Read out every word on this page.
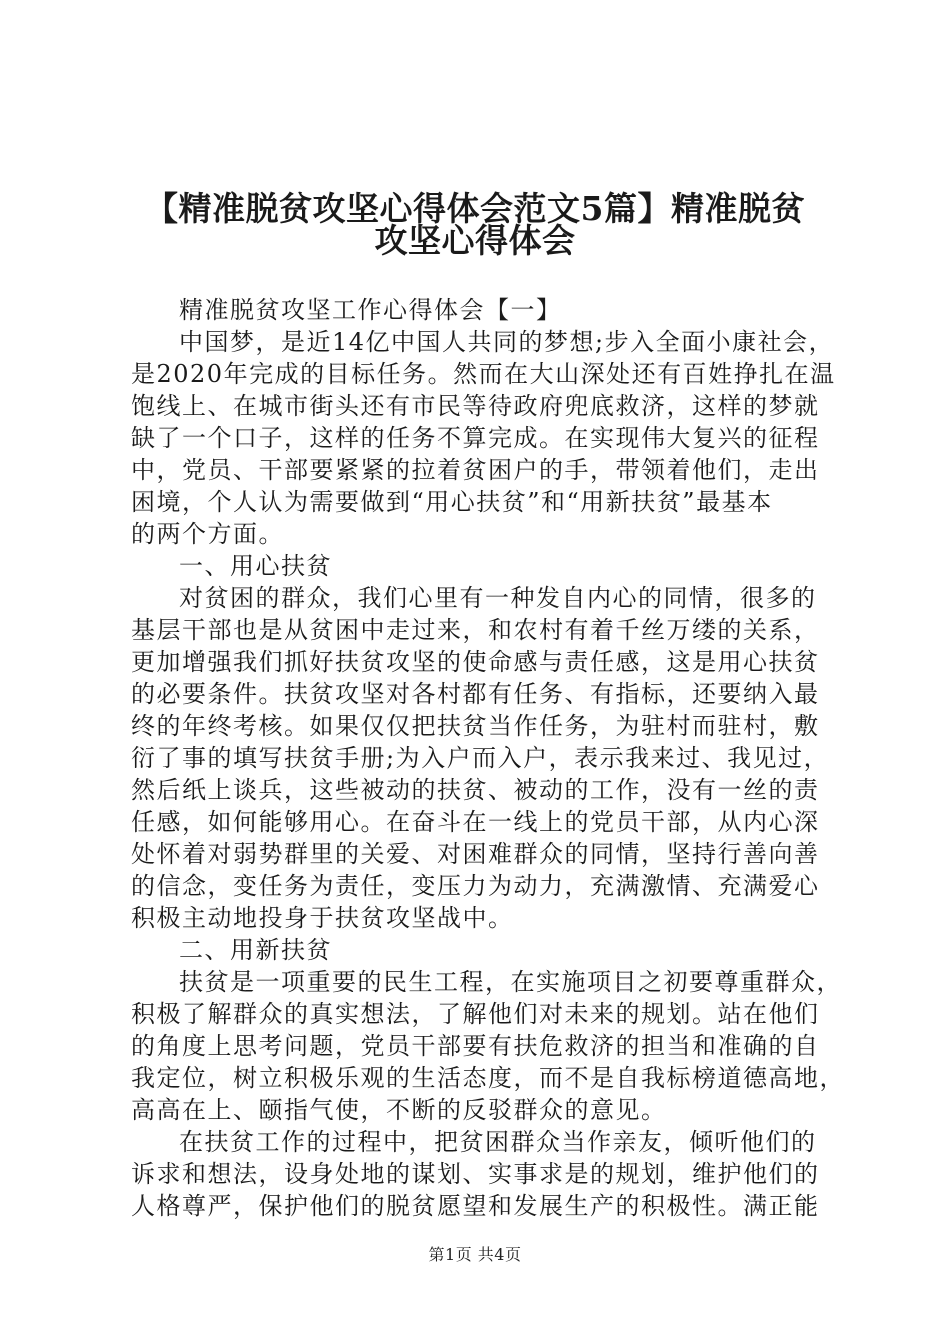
【精准脱贫攻坚心得体会范文5篇】精准脱贫
攻坚心得体会
精准脱贫攻坚工作心得体会【一】
中国梦，是近14亿中国人共同的梦想;步入全面小康社会，
是2020年完成的目标任务。然而在大山深处还有百姓挣扎在温
饱线上、在城市街头还有市民等待政府兜底救济，这样的梦就
缺了一个口子，这样的任务不算完成。在实现伟大复兴的征程
中，党员、干部要紧紧的拉着贫困户的手，带领着他们，走出
困境，个人认为需要做到“用心扶贫”和“用新扶贫”最基本
的两个方面。
一、用心扶贫
对贫困的群众，我们心里有一种发自内心的同情，很多的
基层干部也是从贫困中走过来，和农村有着千丝万缕的关系，
更加增强我们抓好扶贫攻坚的使命感与责任感，这是用心扶贫
的必要条件。扶贫攻坚对各村都有任务、有指标，还要纳入最
终的年终考核。如果仅仅把扶贫当作任务，为驻村而驻村，敷
衍了事的填写扶贫手册;为入户而入户，表示我来过、我见过，
然后纸上谈兵，这些被动的扶贫、被动的工作，没有一丝的责
任感，如何能够用心。在奋斗在一线上的党员干部，从内心深
处怀着对弱势群里的关爱、对困难群众的同情，坚持行善向善
的信念，变任务为责任，变压力为动力，充满激情、充满爱心
积极主动地投身于扶贫攻坚战中。
二、用新扶贫
扶贫是一项重要的民生工程，在实施项目之初要尊重群众，
积极了解群众的真实想法，了解他们对未来的规划。站在他们
的角度上思考问题，党员干部要有扶危救济的担当和准确的自
我定位，树立积极乐观的生活态度，而不是自我标榜道德高地，
高高在上、颐指气使，不断的反驳群众的意见。
在扶贫工作的过程中，把贫困群众当作亲友，倾听他们的
诉求和想法，设身处地的谋划、实事求是的规划，维护他们的
人格尊严，保护他们的脱贫愿望和发展生产的积极性。满正能
第1页 共4页
